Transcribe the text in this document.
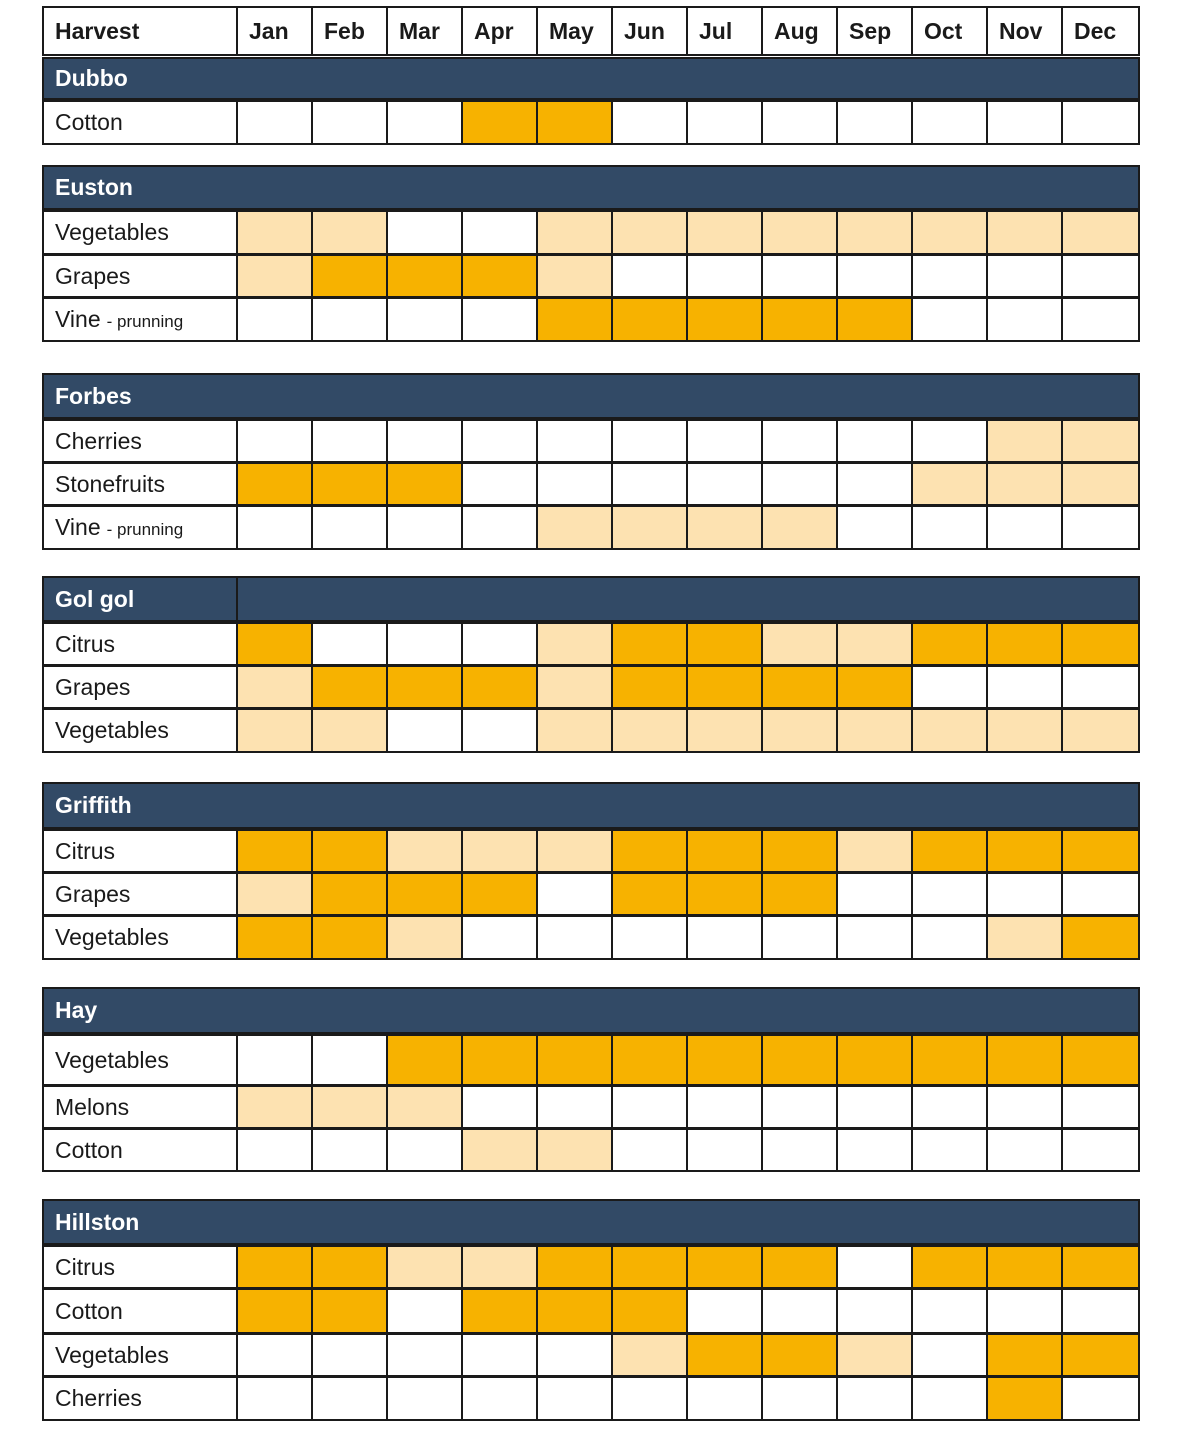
Harvest	Jan Feb Mar Apr May Jun Jul Aug Sep Oct Nov Dec
Dubbo
Cotton
Euston
Vegetables
Grapes
Vine - prunning
Forbes
Cherries
Stonefruits
Vine - prunning
Gol gol
Citrus
Grapes
Vegetables
Griffith
Citrus
Grapes
Vegetables
Hay
Vegetables
Melons
Cotton
Hillston
Citrus
Cotton
Vegetables
Cherries
